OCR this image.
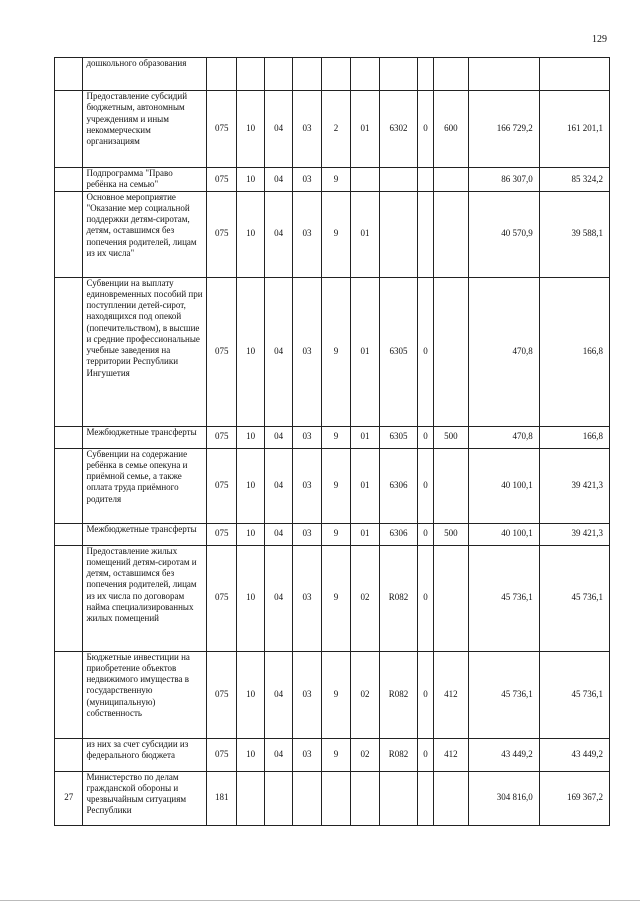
129
	дошкольного образования											
	Предоставление субсидий бюджетным, автономным учреждениям и иным некоммерческим организациям	075	10	04	03	2	01	6302	0	600	166 729,2	161 201,1
	Подпрограмма "Право ребёнка на семью"	075	10	04	03	9					86 307,0	85 324,2
	Основное мероприятие "Оказание мер социальной поддержки детям-сиротам, детям, оставшимся без попечения родителей, лицам из их числа"	075	10	04	03	9	01				40 570,9	39 588,1
	Субвенции на выплату единовременных пособий при поступлении детей-сирот, находящихся под опекой (попечительством), в высшие и средние профессиональные учебные заведения на территории Республики Ингушетия	075	10	04	03	9	01	6305	0		470,8	166,8
	Межбюджетные трансферты	075	10	04	03	9	01	6305	0	500	470,8	166,8
	Субвенции на содержание ребёнка в семье опекуна и приёмной семье, а также оплата труда приёмного родителя	075	10	04	03	9	01	6306	0		40 100,1	39 421,3
	Межбюджетные трансферты	075	10	04	03	9	01	6306	0	500	40 100,1	39 421,3
	Предоставление жилых помещений детям-сиротам и детям, оставшимся без попечения родителей, лицам из их числа по договорам найма специализированных жилых помещений	075	10	04	03	9	02	R082	0		45 736,1	45 736,1
	Бюджетные инвестиции на приобретение объектов недвижимого имущества в государственную (муниципальную) собственность	075	10	04	03	9	02	R082	0	412	45 736,1	45 736,1
	из них за счет субсидии из федерального бюджета	075	10	04	03	9	02	R082	0	412	43 449,2	43 449,2
27	Министерство по делам гражданской обороны и чрезвычайным ситуациям Республики	181									304 816,0	169 367,2
